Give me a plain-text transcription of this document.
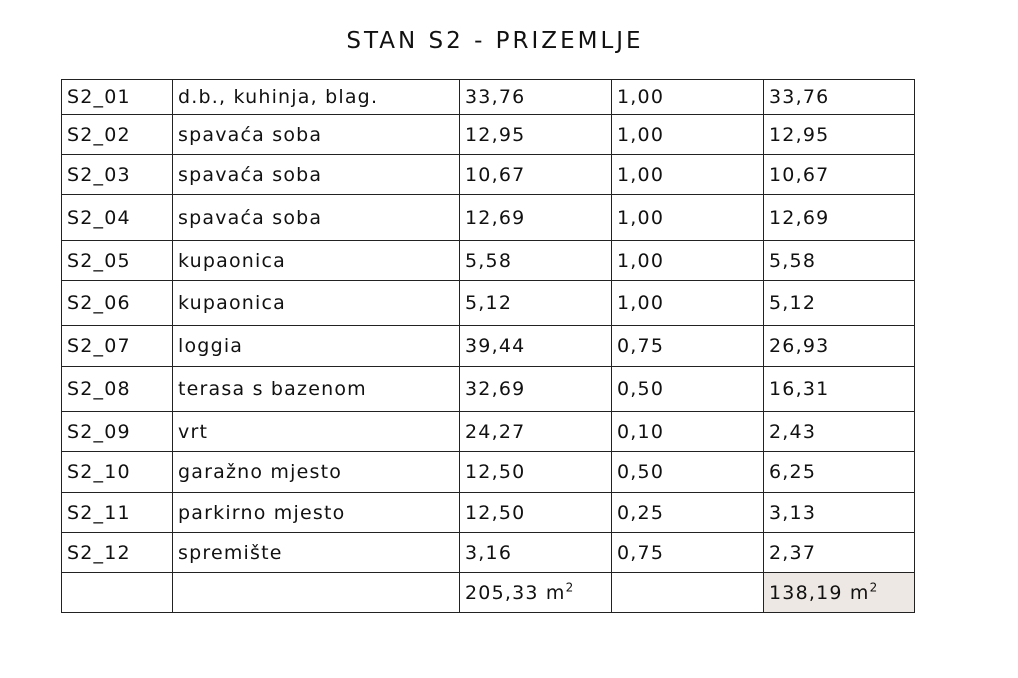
STAN S2 - PRIZEMLJE
S2_01	d.b., kuhinja, blag.	33,76	1,00	33,76
S2_02	spavaća soba	12,95	1,00	12,95
S2_03	spavaća soba	10,67	1,00	10,67
S2_04	spavaća soba	12,69	1,00	12,69
S2_05	kupaonica	5,58	1,00	5,58
S2_06	kupaonica	5,12	1,00	5,12
S2_07	loggia	39,44	0,75	26,93
S2_08	terasa s bazenom	32,69	0,50	16,31
S2_09	vrt	24,27	0,10	2,43
S2_10	garažno mjesto	12,50	0,50	6,25
S2_11	parkirno mjesto	12,50	0,25	3,13
S2_12	spremište	3,16	0,75	2,37
		205,33 $m^2$		138,19 $m^2$
